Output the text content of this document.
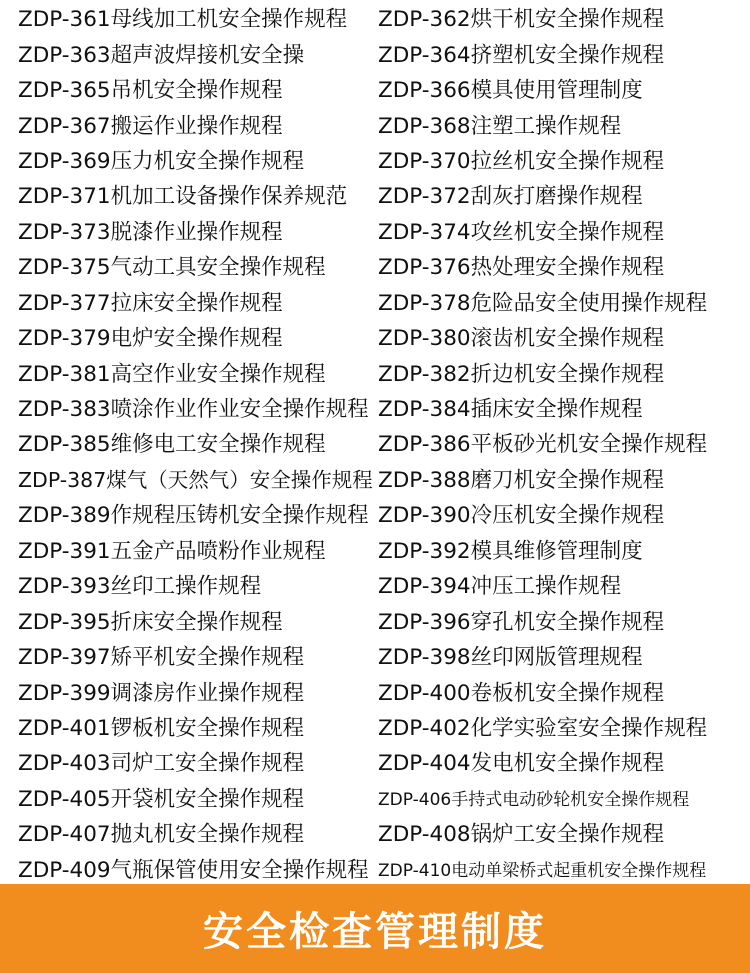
ZDP-361母线加工机安全操作规程	ZDP-362烘干机安全操作规程
ZDP-363超声波焊接机安全操	ZDP-364挤塑机安全操作规程
ZDP-365吊机安全操作规程	ZDP-366模具使用管理制度
ZDP-367搬运作业操作规程	ZDP-368注塑工操作规程
ZDP-369压力机安全操作规程	ZDP-370拉丝机安全操作规程
ZDP-371机加工设备操作保养规范	ZDP-372刮灰打磨操作规程
ZDP-373脱漆作业操作规程	ZDP-374攻丝机安全操作规程
ZDP-375气动工具安全操作规程	ZDP-376热处理安全操作规程
ZDP-377拉床安全操作规程	ZDP-378危险品安全使用操作规程
ZDP-379电炉安全操作规程	ZDP-380滚齿机安全操作规程
ZDP-381高空作业安全操作规程	ZDP-382折边机安全操作规程
ZDP-383喷涂作业作业安全操作规程 ZDP-384插床安全操作规程
ZDP-385维修电工安全操作规程	ZDP-386平板砂光机安全操作规程
ZDP-387煤气（天然气）安全操作规程 ZDP-388磨刀机安全操作规程
ZDP-389作规程压铸机安全操作规程 ZDP-390冷压机安全操作规程
ZDP-391五金产品喷粉作业规程	ZDP-392模具维修管理制度
ZDP-393丝印工操作规程	ZDP-394冲压工操作规程
ZDP-395折床安全操作规程	ZDP-396穿孔机安全操作规程
ZDP-397矫平机安全操作规程	ZDP-398丝印网版管理规程
ZDP-399调漆房作业操作规程	ZDP-400卷板机安全操作规程
ZDP-401锣板机安全操作规程	ZDP-402化学实验室安全操作规程
ZDP-403司炉工安全操作规程	ZDP-404发电机安全操作规程
ZDP-405开袋机安全操作规程	ZDP-406手持式电动砂轮机安全操作规程
ZDP-407抛丸机安全操作规程	ZDP-408锅炉工安全操作规程
ZDP-409气瓶保管使用安全操作规程 ZDP-410电动单梁桥式起重机安全操作规程
安全检查管理制度
